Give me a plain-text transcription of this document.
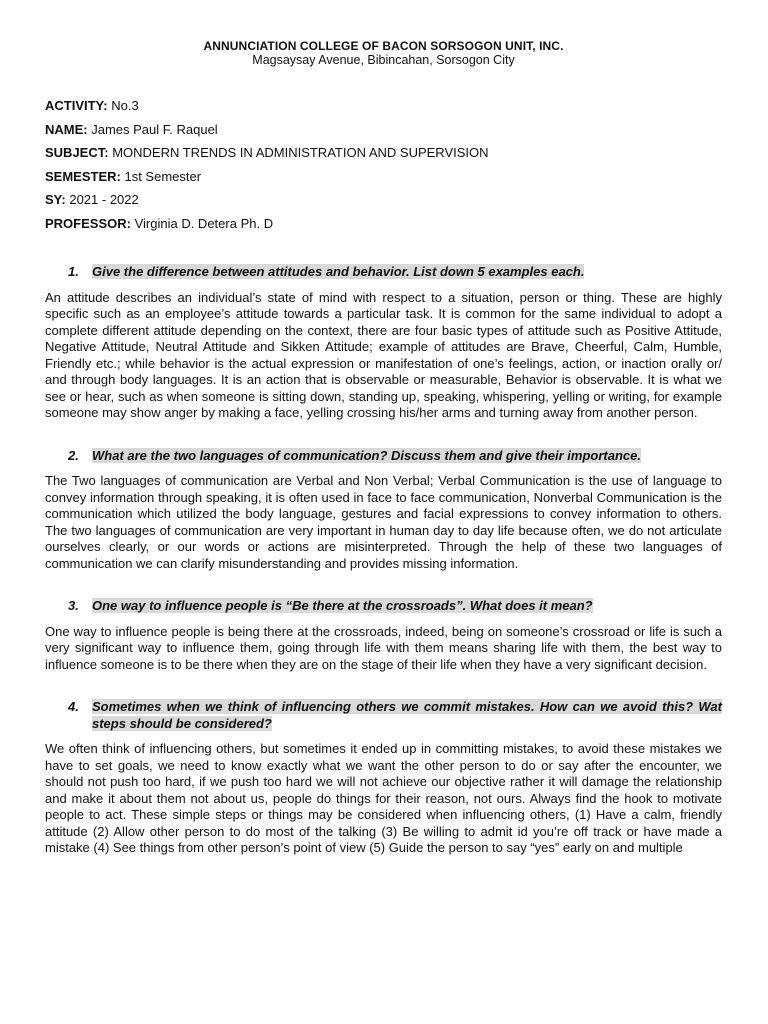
ANNUNCIATION COLLEGE OF BACON SORSOGON UNIT, INC.
Magsaysay Avenue, Bibincahan, Sorsogon City
ACTIVITY: No.3
NAME: James Paul F. Raquel
SUBJECT: MONDERN TRENDS IN ADMINISTRATION AND SUPERVISION
SEMESTER: 1st Semester
SY: 2021 - 2022
PROFESSOR: Virginia D. Detera Ph. D
1.	Give the difference between attitudes and behavior. List down 5 examples each.
An attitude describes an individual’s state of mind with respect to a situation, person or thing. These are highly specific such as an employee’s attitude towards a particular task. It is common for the same individual to adopt a complete different attitude depending on the context, there are four basic types of attitude such as Positive Attitude, Negative Attitude, Neutral Attitude and Sikken Attitude; example of attitudes are Brave, Cheerful, Calm, Humble, Friendly etc.; while behavior is the actual expression or manifestation of one’s feelings, action, or inaction orally or/ and through body languages. It is an action that is observable or measurable, Behavior is observable. It is what we see or hear, such as when someone is sitting down, standing up, speaking, whispering, yelling or writing, for example someone may show anger by making a face, yelling crossing his/her arms and turning away from another person.
2.	What are the two languages of communication? Discuss them and give their importance.
The Two languages of communication are Verbal and Non Verbal; Verbal Communication is the use of language to convey information through speaking, it is often used in face to face communication, Nonverbal Communication is the communication which utilized the body language, gestures and facial expressions to convey information to others. The two languages of communication are very important in human day to day life because often, we do not articulate ourselves clearly, or our words or actions are misinterpreted. Through the help of these two languages of communication we can clarify misunderstanding and provides missing information.
3.	One way to influence people is “Be there at the crossroads”. What does it mean?
One way to influence people is being there at the crossroads, indeed, being on someone’s crossroad or life is such a very significant way to influence them, going through life with them means sharing life with them, the best way to influence someone is to be there when they are on the stage of their life when they have a very significant decision.
4.	Sometimes when we think of influencing others we commit mistakes. How can we avoid this? Wat steps should be considered?
We often think of influencing others, but sometimes it ended up in committing mistakes, to avoid these mistakes we have to set goals, we need to know exactly what we want the other person to do or say after the encounter, we should not push too hard, if we push too hard we will not achieve our objective rather it will damage the relationship and make it about them not about us, people do things for their reason, not ours. Always find the hook to motivate people to act. These simple steps or things may be considered when influencing others, (1) Have a calm, friendly attitude (2) Allow other person to do most of the talking (3) Be willing to admit id you’re off track or have made a mistake (4) See things from other person’s point of view (5) Guide the person to say “yes” early on and multiple
